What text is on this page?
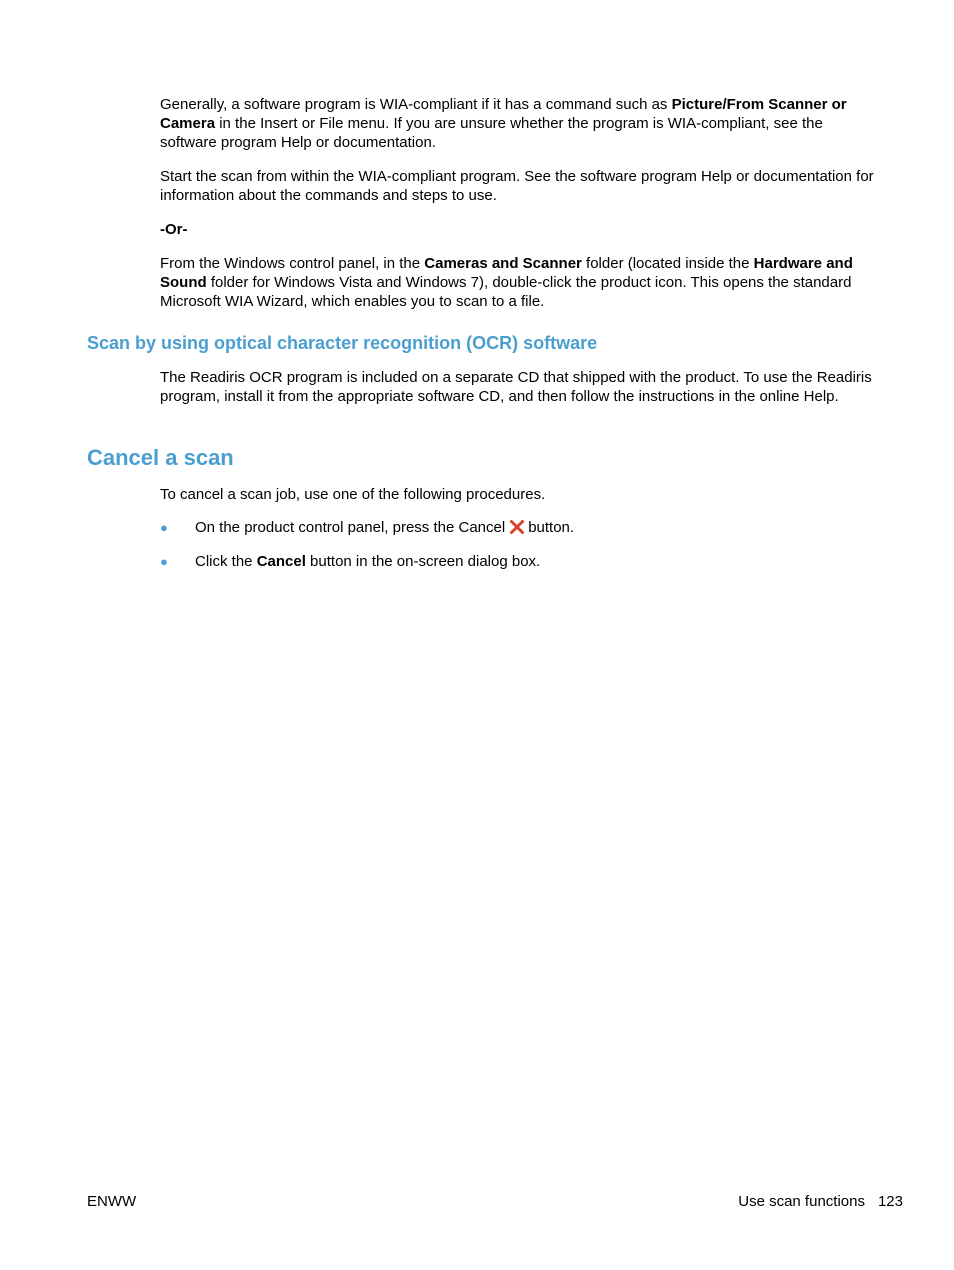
Generally, a software program is WIA-compliant if it has a command such as Picture/From Scanner or Camera in the Insert or File menu. If you are unsure whether the program is WIA-compliant, see the software program Help or documentation.

Start the scan from within the WIA-compliant program. See the software program Help or documentation for information about the commands and steps to use.

-Or-

From the Windows control panel, in the Cameras and Scanner folder (located inside the Hardware and Sound folder for Windows Vista and Windows 7), double-click the product icon. This opens the standard Microsoft WIA Wizard, which enables you to scan to a file.

Scan by using optical character recognition (OCR) software

The Readiris OCR program is included on a separate CD that shipped with the product. To use the Readiris program, install it from the appropriate software CD, and then follow the instructions in the online Help.

Cancel a scan

To cancel a scan job, use one of the following procedures.

● On the product control panel, press the Cancel button.
● Click the Cancel button in the on-screen dialog box.
ENWW	Use scan functions 123
